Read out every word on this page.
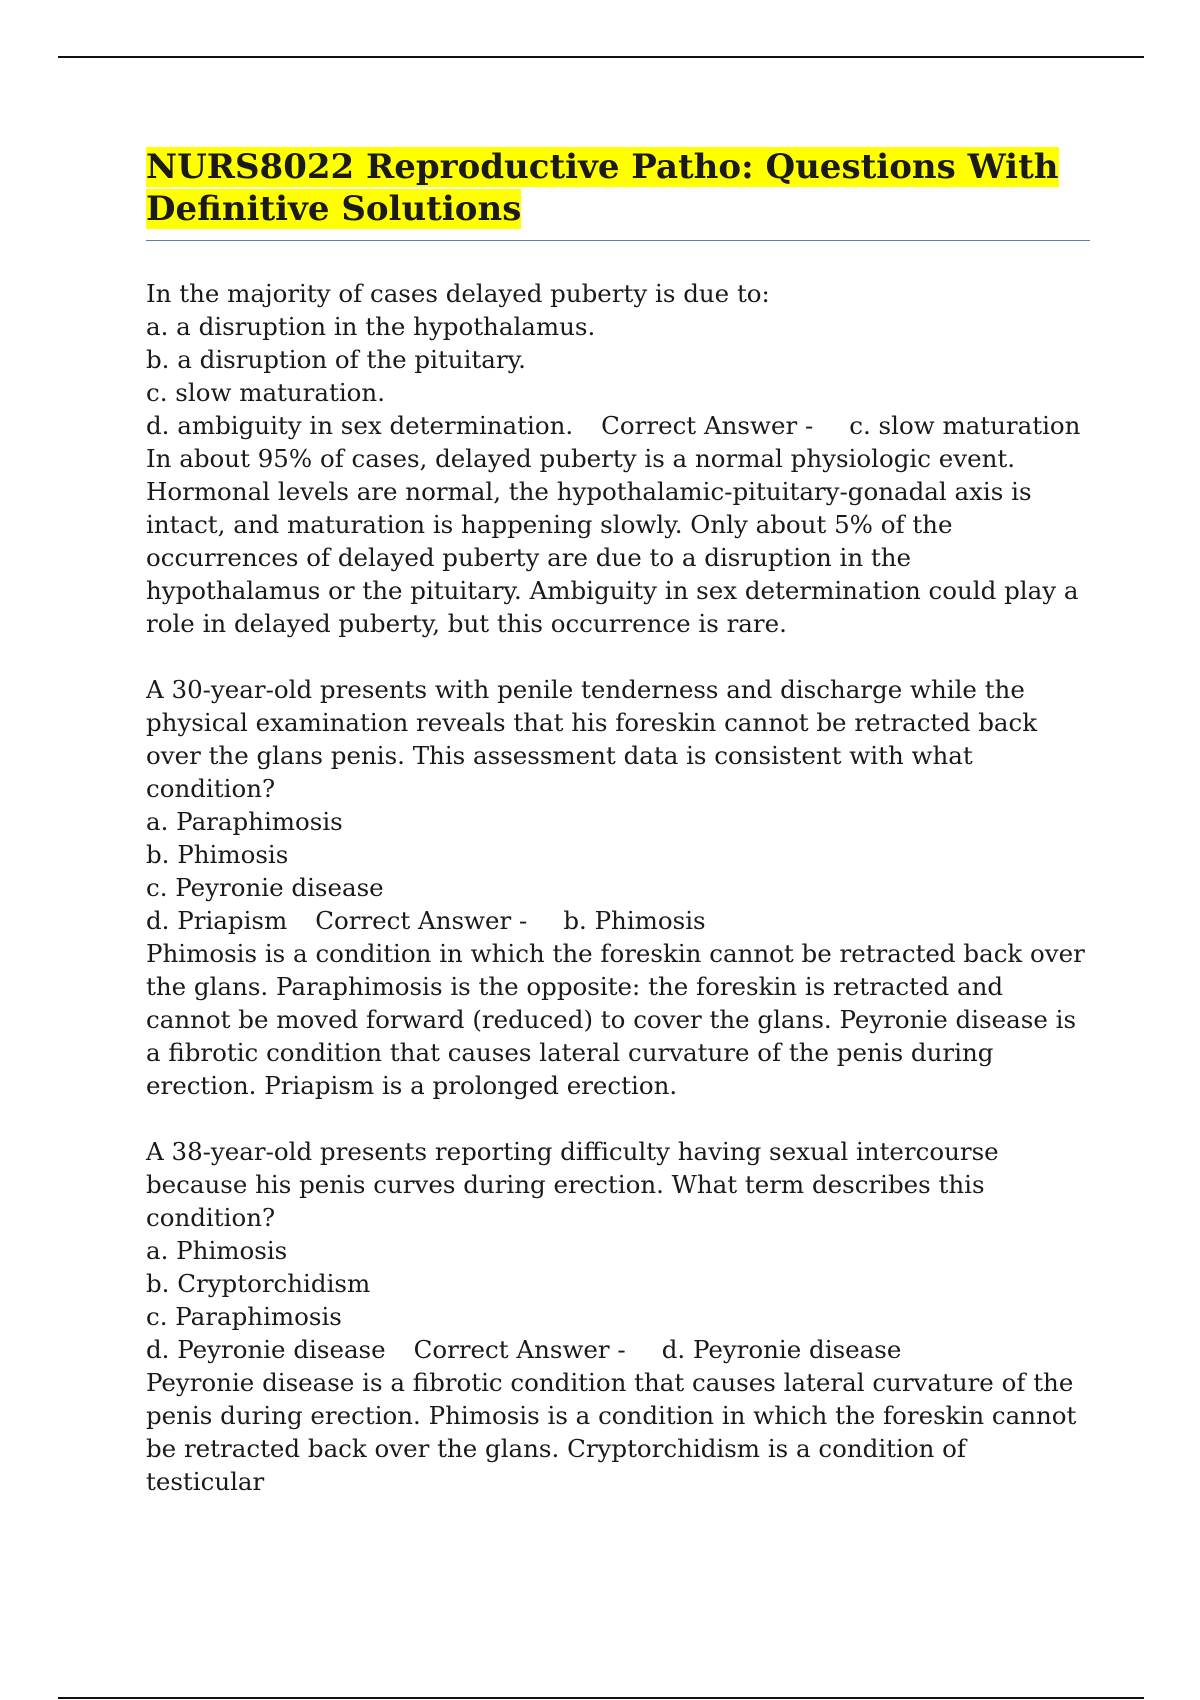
NURS8022 Reproductive Patho: Questions With Definitive Solutions
In the majority of cases delayed puberty is due to:
a. a disruption in the hypothalamus.
b. a disruption of the pituitary.
c. slow maturation.
d. ambiguity in sex determination. Correct Answer - c. slow maturation
In about 95% of cases, delayed puberty is a normal physiologic event. Hormonal levels are normal, the hypothalamic-pituitary-gonadal axis is intact, and maturation is happening slowly. Only about 5% of the occurrences of delayed puberty are due to a disruption in the hypothalamus or the pituitary. Ambiguity in sex determination could play a role in delayed puberty, but this occurrence is rare.
A 30-year-old presents with penile tenderness and discharge while the physical examination reveals that his foreskin cannot be retracted back over the glans penis. This assessment data is consistent with what condition?
a. Paraphimosis
b. Phimosis
c. Peyronie disease
d. Priapism Correct Answer - b. Phimosis
Phimosis is a condition in which the foreskin cannot be retracted back over the glans. Paraphimosis is the opposite: the foreskin is retracted and cannot be moved forward (reduced) to cover the glans. Peyronie disease is a fibrotic condition that causes lateral curvature of the penis during erection. Priapism is a prolonged erection.
A 38-year-old presents reporting difficulty having sexual intercourse because his penis curves during erection. What term describes this condition?
a. Phimosis
b. Cryptorchidism
c. Paraphimosis
d. Peyronie disease Correct Answer - d. Peyronie disease
Peyronie disease is a fibrotic condition that causes lateral curvature of the penis during erection. Phimosis is a condition in which the foreskin cannot be retracted back over the glans. Cryptorchidism is a condition of testicular
